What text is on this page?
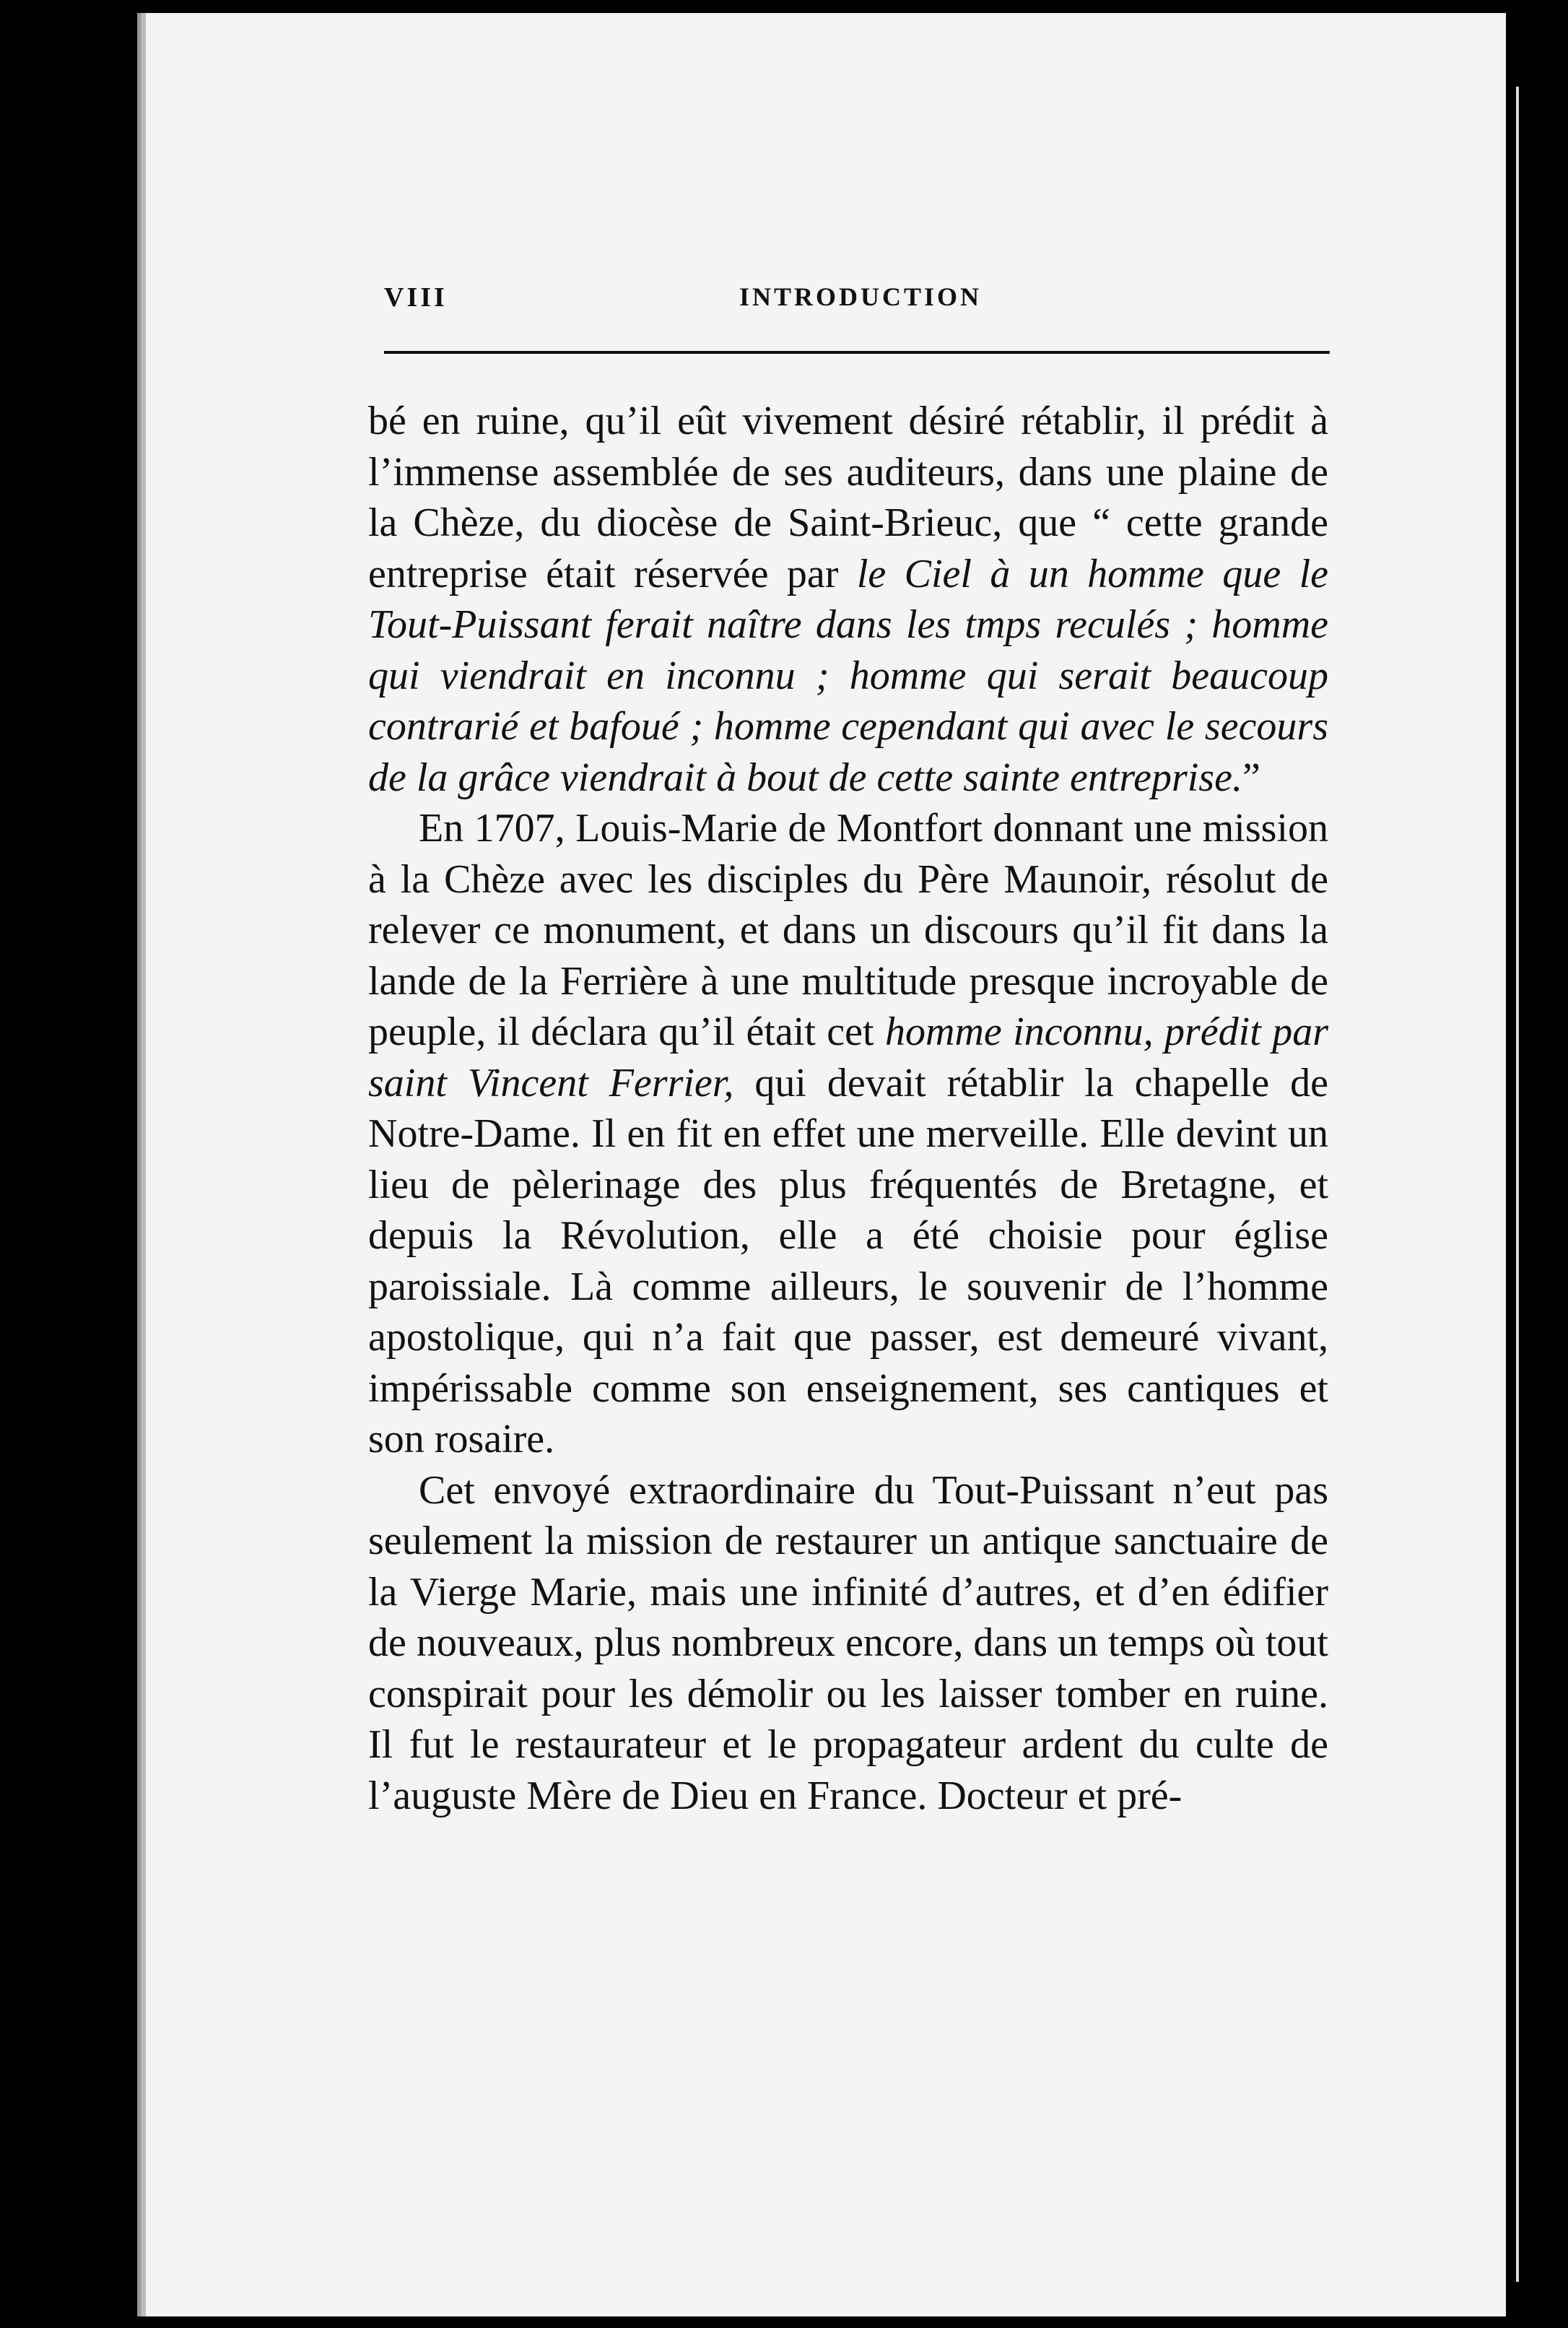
VIII	INTRODUCTION

bé en ruine, qu’il eût vivement désiré rétablir, il prédit à l’immense assemblée de ses auditeurs, dans une plaine de la Chèze, du diocèse de Saint-Brieuc, que “ cette grande entreprise était réservée par le Ciel à un homme que le Tout-Puissant ferait naître dans les tmps reculés ; homme qui viendrait en inconnu ; homme qui serait beaucoup contrarié et bafoué ; homme cependant qui avec le secours de la grâce viendrait à bout de cette sainte entreprise.”

En 1707, Louis-Marie de Montfort donnant une mission à la Chèze avec les disciples du Père Maunoir, résolut de relever ce monument, et dans un discours qu’il fit dans la lande de la Ferrière à une multitude presque incroyable de peuple, il déclara qu’il était cet homme inconnu, prédit par saint Vincent Ferrier, qui devait rétablir la chapelle de Notre-Dame. Il en fit en effet une merveille. Elle devint un lieu de pèlerinage des plus fréquentés de Bretagne, et depuis la Révolution, elle a été choisie pour église paroissiale. Là comme ailleurs, le souvenir de l’homme apostolique, qui n’a fait que passer, est demeuré vivant, impérissable comme son enseignement, ses cantiques et son rosaire.

Cet envoyé extraordinaire du Tout-Puissant n’eut pas seulement la mission de restaurer un antique sanctuaire de la Vierge Marie, mais une infinité d’autres, et d’en édifier de nouveaux, plus nombreux encore, dans un temps où tout conspirait pour les démolir ou les laisser tomber en ruine. Il fut le restaurateur et le propagateur ardent du culte de l’auguste Mère de Dieu en France. Docteur et pré-
